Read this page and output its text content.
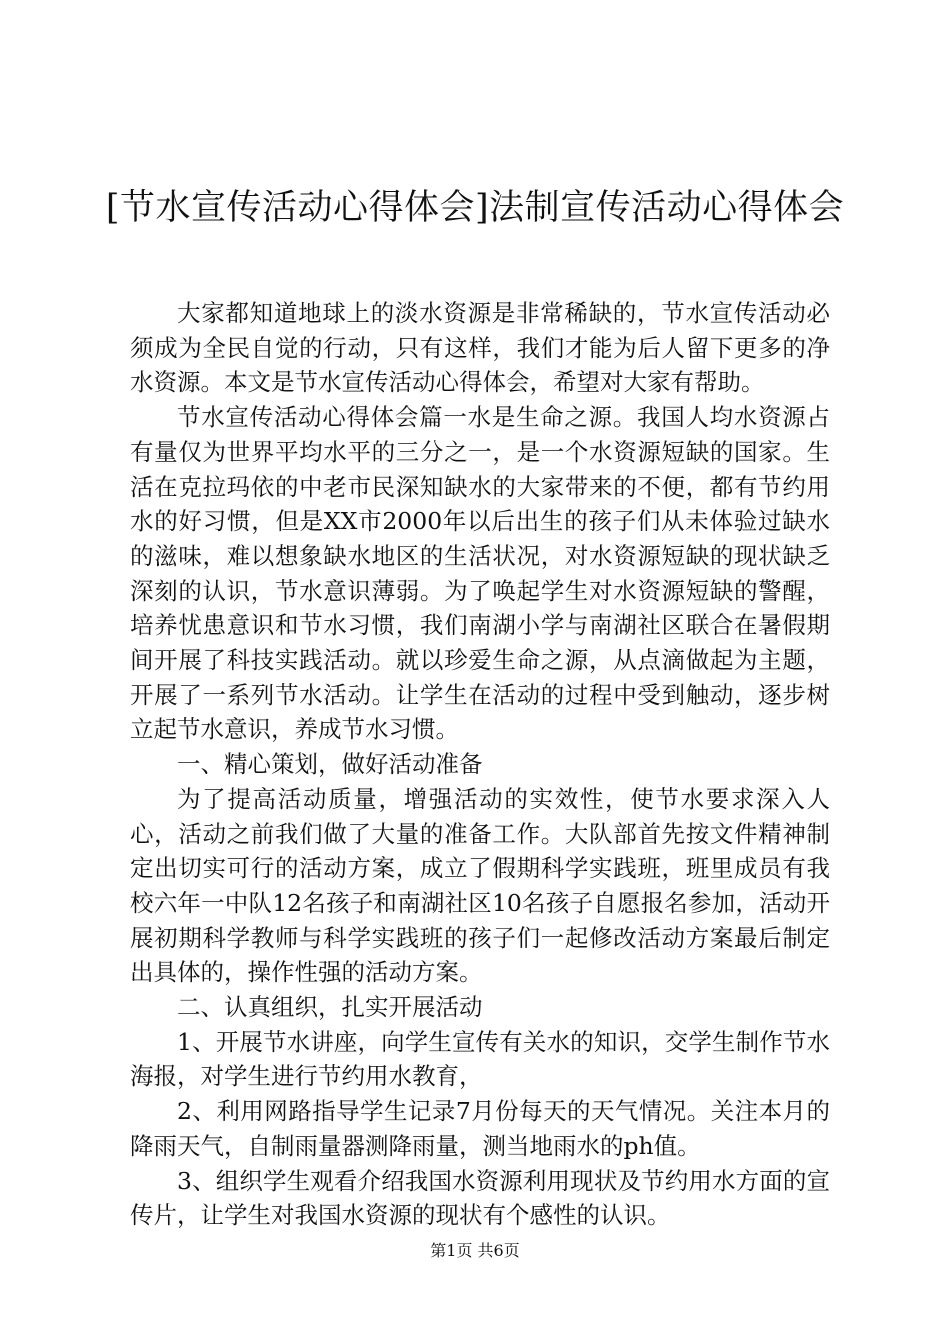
[节水宣传活动心得体会]法制宣传活动心得体会

大家都知道地球上的淡水资源是非常稀缺的，节水宣传活动必须成为全民自觉的行动，只有这样，我们才能为后人留下更多的净水资源。本文是节水宣传活动心得体会，希望对大家有帮助。

节水宣传活动心得体会篇一水是生命之源。我国人均水资源占有量仅为世界平均水平的三分之一，是一个水资源短缺的国家。生活在克拉玛依的中老市民深知缺水的大家带来的不便，都有节约用水的好习惯，但是XX市2000年以后出生的孩子们从未体验过缺水的滋味，难以想象缺水地区的生活状况，对水资源短缺的现状缺乏深刻的认识，节水意识薄弱。为了唤起学生对水资源短缺的警醒，培养忧患意识和节水习惯，我们南湖小学与南湖社区联合在暑假期间开展了科技实践活动。就以珍爱生命之源，从点滴做起为主题，开展了一系列节水活动。让学生在活动的过程中受到触动，逐步树立起节水意识，养成节水习惯。

一、精心策划，做好活动准备

为了提高活动质量，增强活动的实效性，使节水要求深入人心，活动之前我们做了大量的准备工作。大队部首先按文件精神制定出切实可行的活动方案，成立了假期科学实践班，班里成员有我校六年一中队12名孩子和南湖社区10名孩子自愿报名参加，活动开展初期科学教师与科学实践班的孩子们一起修改活动方案最后制定出具体的，操作性强的活动方案。

二、认真组织，扎实开展活动

1、开展节水讲座，向学生宣传有关水的知识，交学生制作节水海报，对学生进行节约用水教育，

2、利用网路指导学生记录7月份每天的天气情况。关注本月的降雨天气，自制雨量器测降雨量，测当地雨水的ph值。

3、组织学生观看介绍我国水资源利用现状及节约用水方面的宣传片，让学生对我国水资源的现状有个感性的认识。

第1页 共6页
